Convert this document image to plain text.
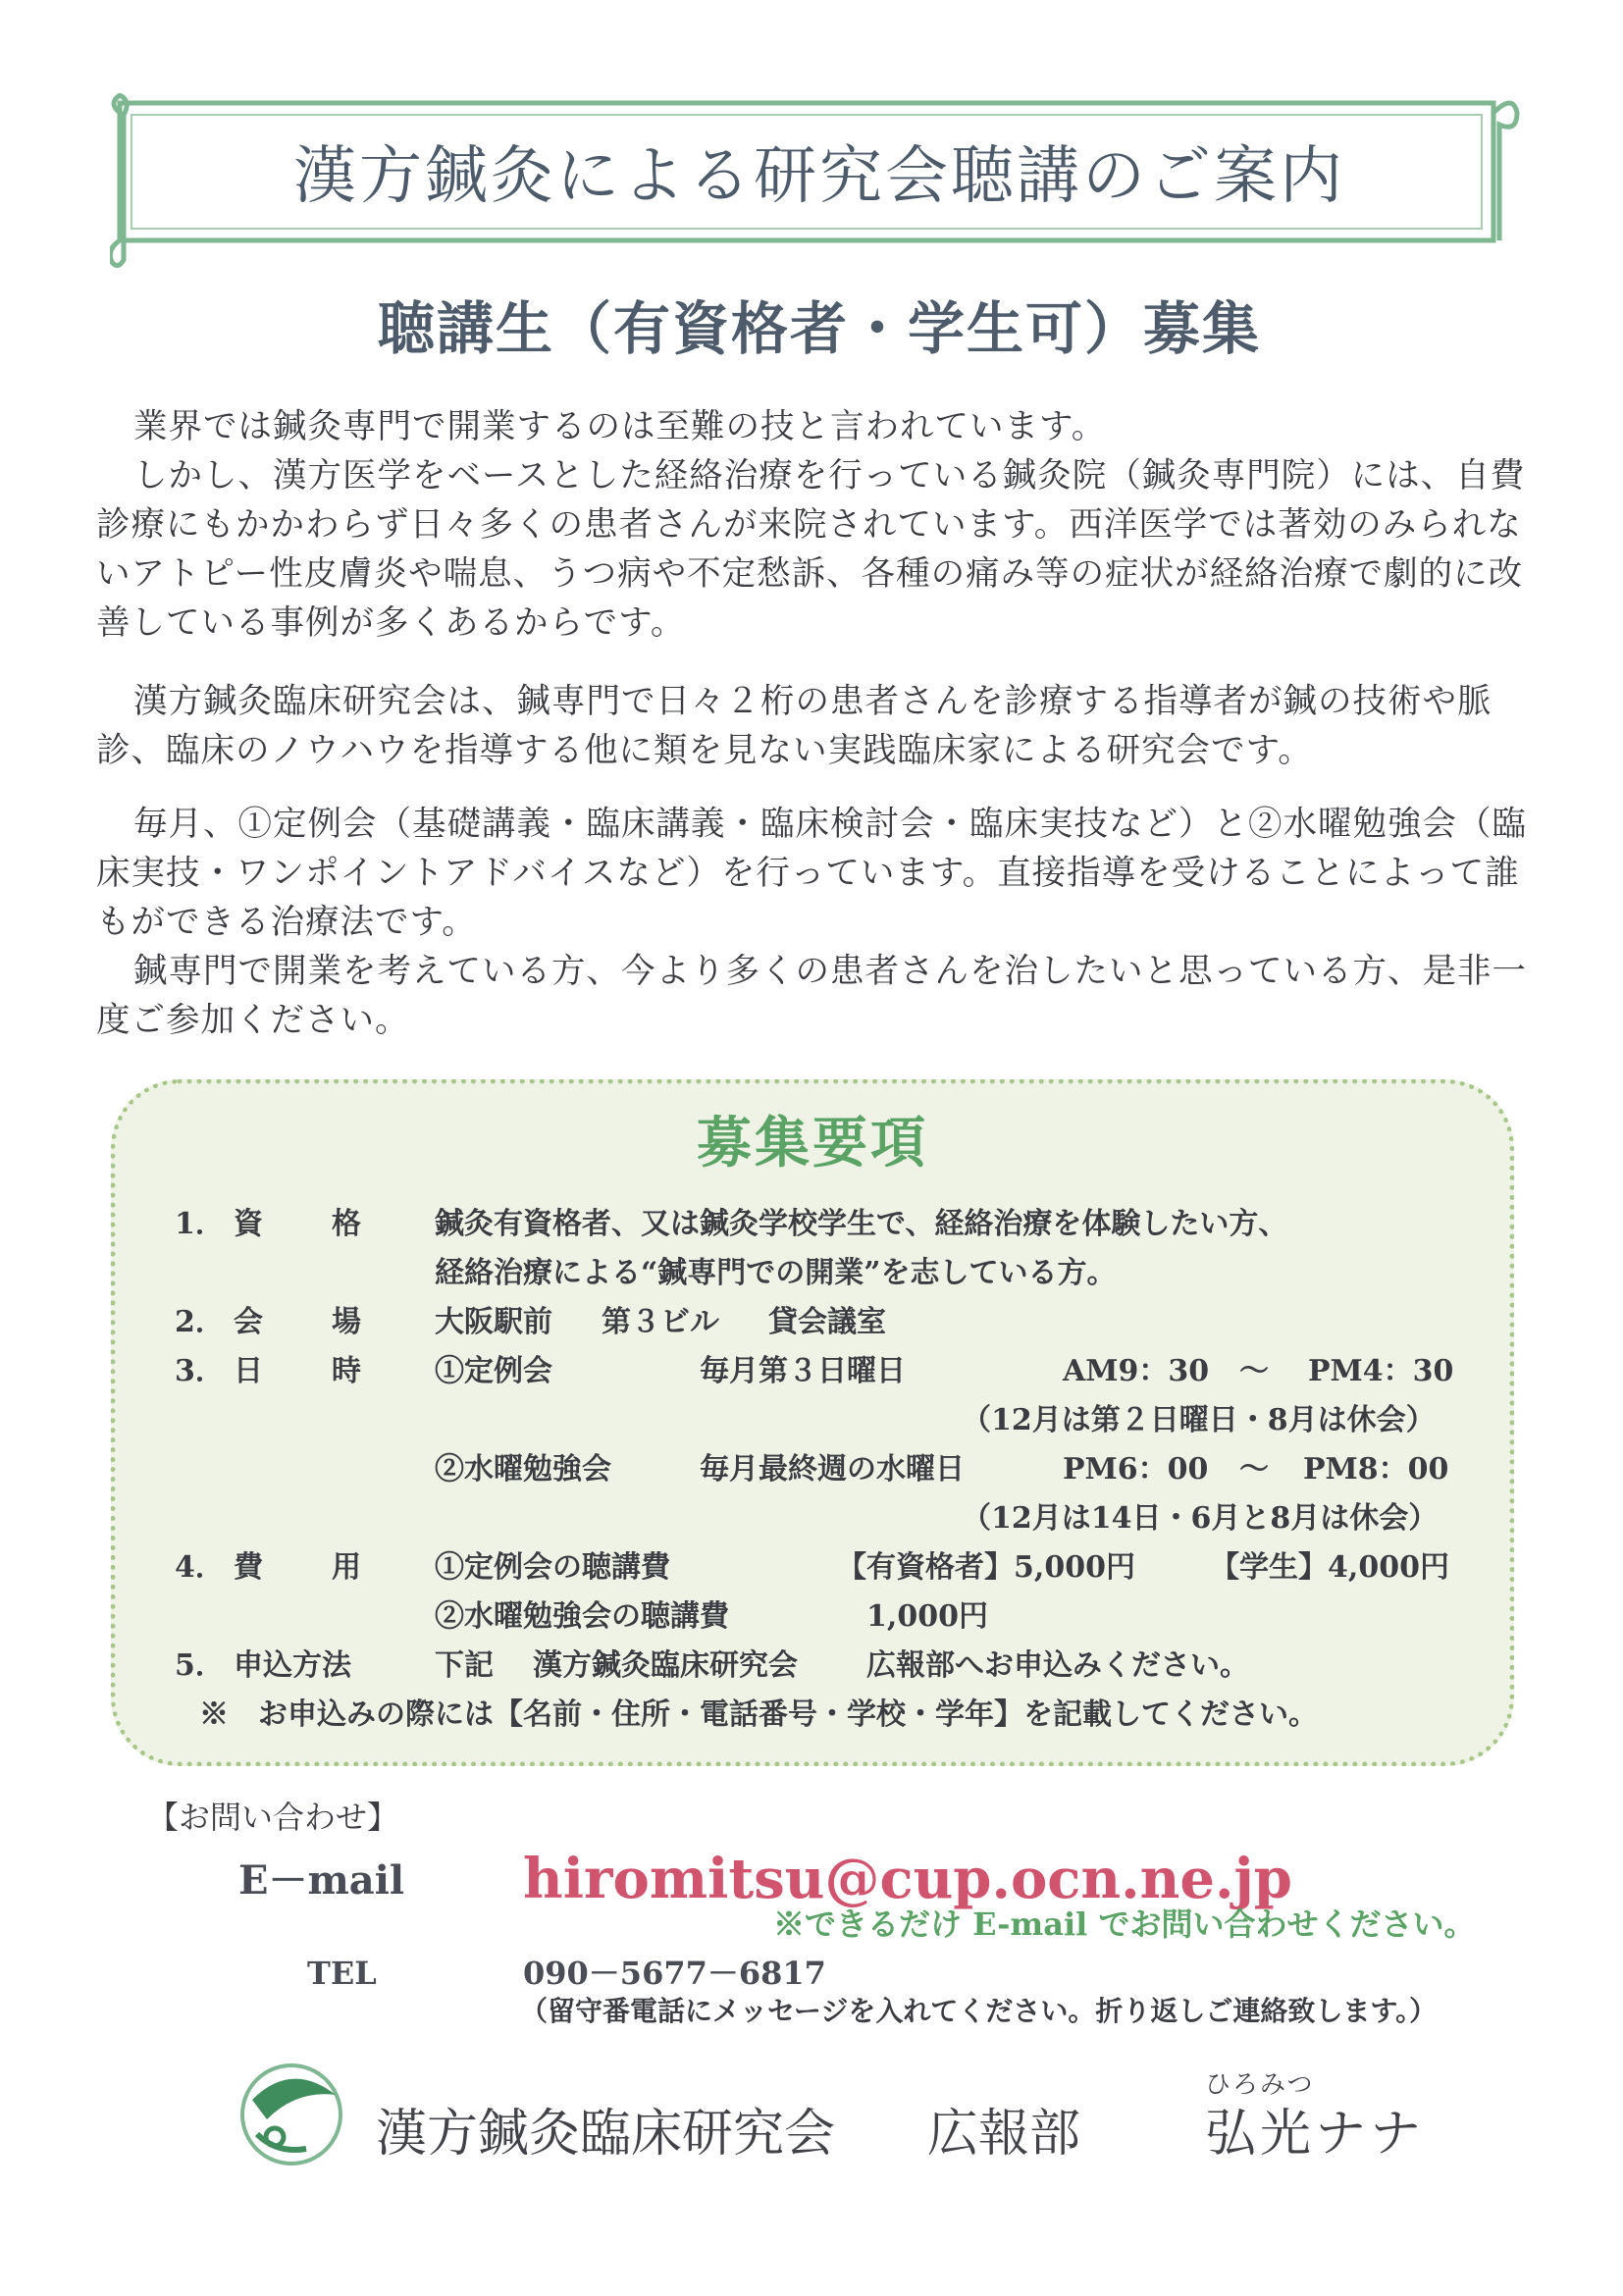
漢方鍼灸による研究会聴講のご案内
聴講生（有資格者・学生可）募集
業界では鍼灸専門で開業するのは至難の技と言われています。
しかし、漢方医学をベースとした経絡治療を行っている鍼灸院（鍼灸専門院）には、自費診療にもかかわらず日々多くの患者さんが来院されています。西洋医学では著効のみられないアトピー性皮膚炎や喘息、うつ病や不定愁訴、各種の痛み等の症状が経絡治療で劇的に改善している事例が多くあるからです。
漢方鍼灸臨床研究会は、鍼専門で日々２桁の患者さんを診療する指導者が鍼の技術や脈診、臨床のノウハウを指導する他に類を見ない実践臨床家による研究会です。
毎月、①定例会（基礎講義・臨床講義・臨床検討会・臨床実技など）と②水曜勉強会（臨床実技・ワンポイントアドバイスなど）を行っています。直接指導を受けることによって誰もができる治療法です。
鍼専門で開業を考えている方、今より多くの患者さんを治したいと思っている方、是非一度ご参加ください。
募集要項
1． 資 格	鍼灸有資格者、又は鍼灸学校学生で、経絡治療を体験したい方、
経絡治療による“鍼専門での開業”を志している方。
2． 会 場	大阪駅前 第３ビル 貸会議室
3． 日 時	①定例会	毎月第３日曜日	AM9：30 ～ PM4：30
（12月は第２日曜日・8月は休会）
②水曜勉強会	毎月最終週の水曜日	PM6：00 ～ PM8：00
（12月は14日・6月と8月は休会）
4． 費 用	①定例会の聴講費	【有資格者】5,000円	【学生】4,000円
②水曜勉強会の聴講費	1,000円
5． 申込方法	下記 漢方鍼灸臨床研究会 広報部へお申込みください。
※　お申込みの際には【名前・住所・電話番号・学校・学年】を記載してください。
【お問い合わせ】
E－mail hiromitsu@cup.ocn.ne.jp
※できるだけ E-mail でお問い合わせください。
TEL	090－5677－6817
（留守番電話にメッセージを入れてください。折り返しご連絡致します。）
漢方鍼灸臨床研究会 広報部
ひろみつ
弘光ナナ
